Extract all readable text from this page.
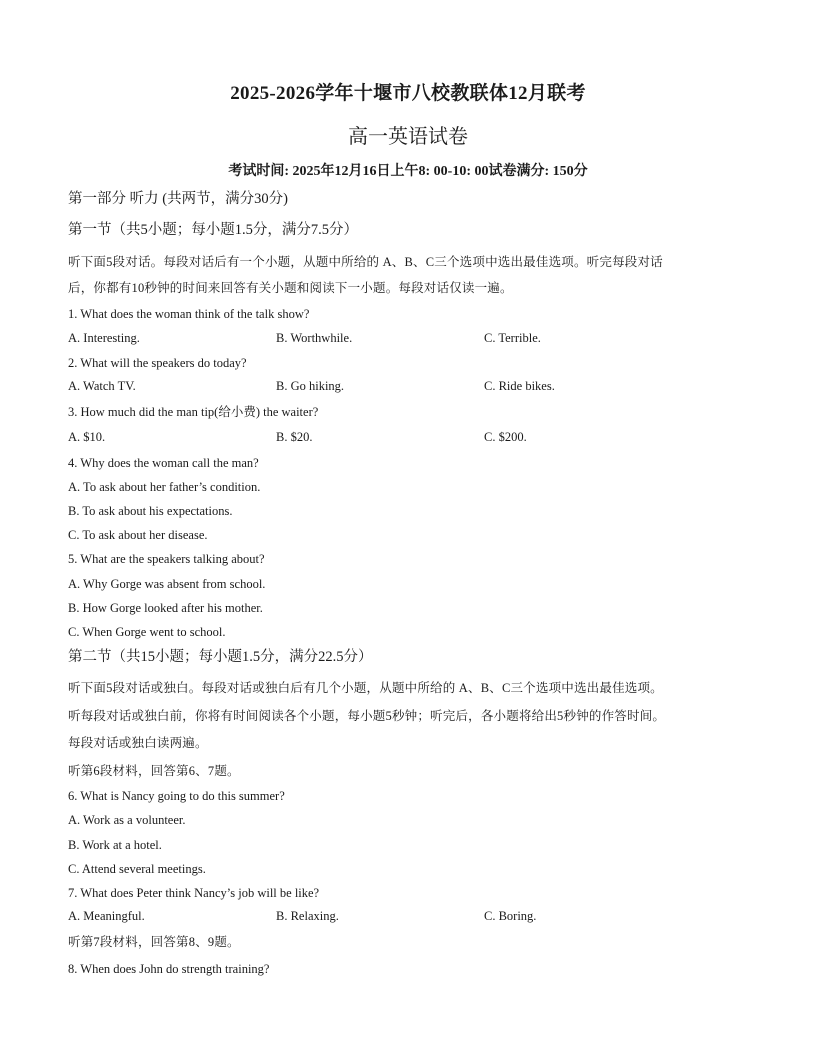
2025-2026学年十堰市八校教联体12月联考
高一英语试卷
考试时间: 2025年12月16日上午8: 00-10: 00试卷满分: 150分
第一部分 听力 (共两节，满分30分)
第一节（共5小题；每小题1.5分，满分7.5分）
听下面5段对话。每段对话后有一个小题，从题中所给的 A、B、C三个选项中选出最佳选项。听完每段对话
后，你都有10秒钟的时间来回答有关小题和阅读下一小题。每段对话仅读一遍。
1. What does the woman think of the talk show?
A. Interesting.	B. Worthwhile.	C. Terrible.
2. What will the speakers do today?
A. Watch TV.	B. Go hiking.	C. Ride bikes.
3. How much did the man tip(给小费) the waiter?
A. $10.	B. $20.	C. $200.
4. Why does the woman call the man?
A. To ask about her father’s condition.
B. To ask about his expectations.
C. To ask about her disease.
5. What are the speakers talking about?
A. Why Gorge was absent from school.
B. How Gorge looked after his mother.
C. When Gorge went to school.
第二节（共15小题；每小题1.5分，满分22.5分）
听下面5段对话或独白。每段对话或独白后有几个小题，从题中所给的 A、B、C三个选项中选出最佳选项。
听每段对话或独白前，你将有时间阅读各个小题，每小题5秒钟；听完后，各小题将给出5秒钟的作答时间。
每段对话或独白读两遍。
听第6段材料，回答第6、7题。
6. What is Nancy going to do this summer?
A. Work as a volunteer.
B. Work at a hotel.
C. Attend several meetings.
7. What does Peter think Nancy’s job will be like?
A. Meaningful.	B. Relaxing.	C. Boring.
听第7段材料，回答第8、9题。
8. When does John do strength training?
